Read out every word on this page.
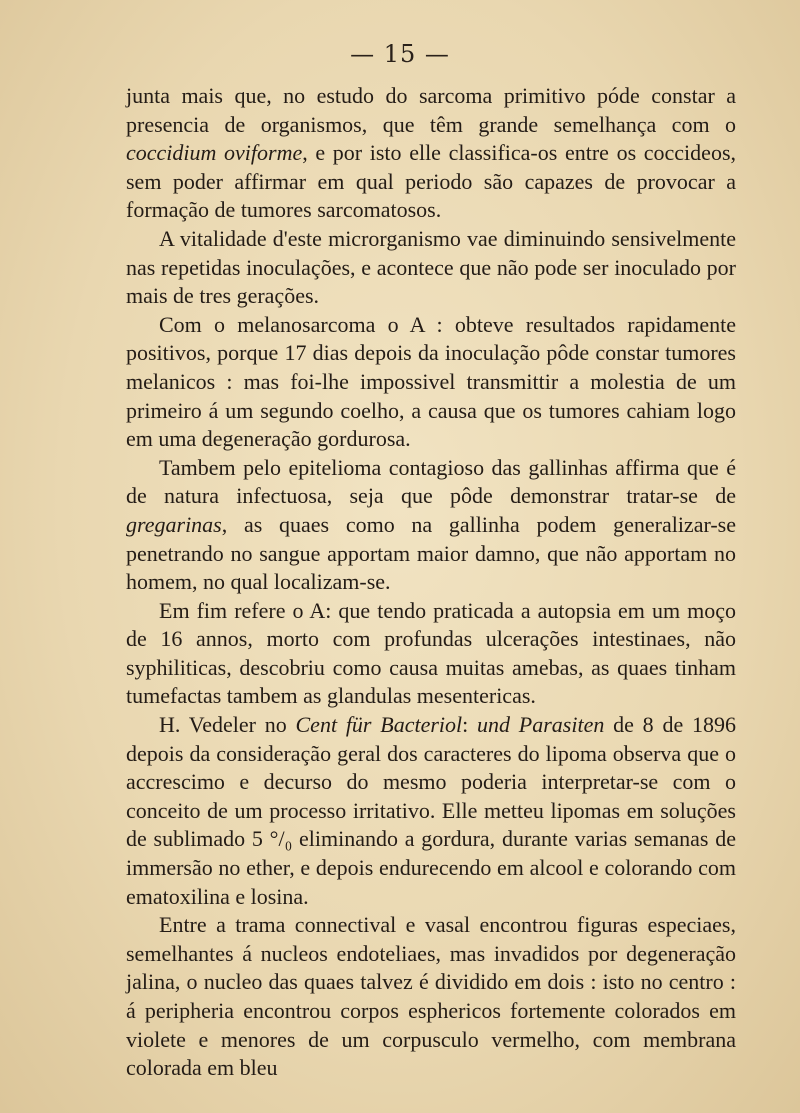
— 15 —

junta mais que, no estudo do sarcoma primitivo póde constar a presencia de organismos, que têm grande semelhança com o coccidium oviforme, e por isto elle classifica-os entre os coccideos, sem poder affirmar em qual periodo são capazes de provocar a formação de tumores sarcomatosos.

A vitalidade d'este microrganismo vae diminuindo sensivelmente nas repetidas inoculações, e acontece que não pode ser inoculado por mais de tres gerações.

Com o melanosarcoma o A : obteve resultados rapidamente positivos, porque 17 dias depois da inoculação pôde constar tumores melanicos : mas foi-lhe impossivel transmittir a molestia de um primeiro á um segundo coelho, a causa que os tumores cahiam logo em uma degeneração gordurosa.

Tambem pelo epitelioma contagioso das gallinhas affirma que é de natura infectuosa, seja que pôde demonstrar tratar-se de gregarinas, as quaes como na gallinha podem generalizar-se penetrando no sangue apportam maior damno, que não apportam no homem, no qual localizam-se.

Em fim refere o A: que tendo praticada a autopsia em um moço de 16 annos, morto com profundas ulcerações intestinaes, não syphiliticas, descobriu como causa muitas amebas, as quaes tinham tumefactas tambem as glandulas mesentericas.

H. Vedeler no Cent für Bacteriol: und Parasiten de 8 de 1896 depois da consideração geral dos caracteres do lipoma observa que o accrescimo e decurso do mesmo poderia interpretar-se com o conceito de um processo irritativo. Elle metteu lipomas em soluções de sublimado 5 °/₀ eliminando a gordura, durante varias semanas de immersão no ether, e depois endurecendo em alcool e colorando com ematoxilina e losina.

Entre a trama connectival e vasal encontrou figuras especiaes, semelhantes á nucleos endoteliaes, mas invadidos por degeneração jalina, o nucleo das quaes talvez é dividido em dois : isto no centro : á peripheria encontrou corpos esphericos fortemente colorados em violete e menores de um corpusculo vermelho, com membrana colorada em bleu
